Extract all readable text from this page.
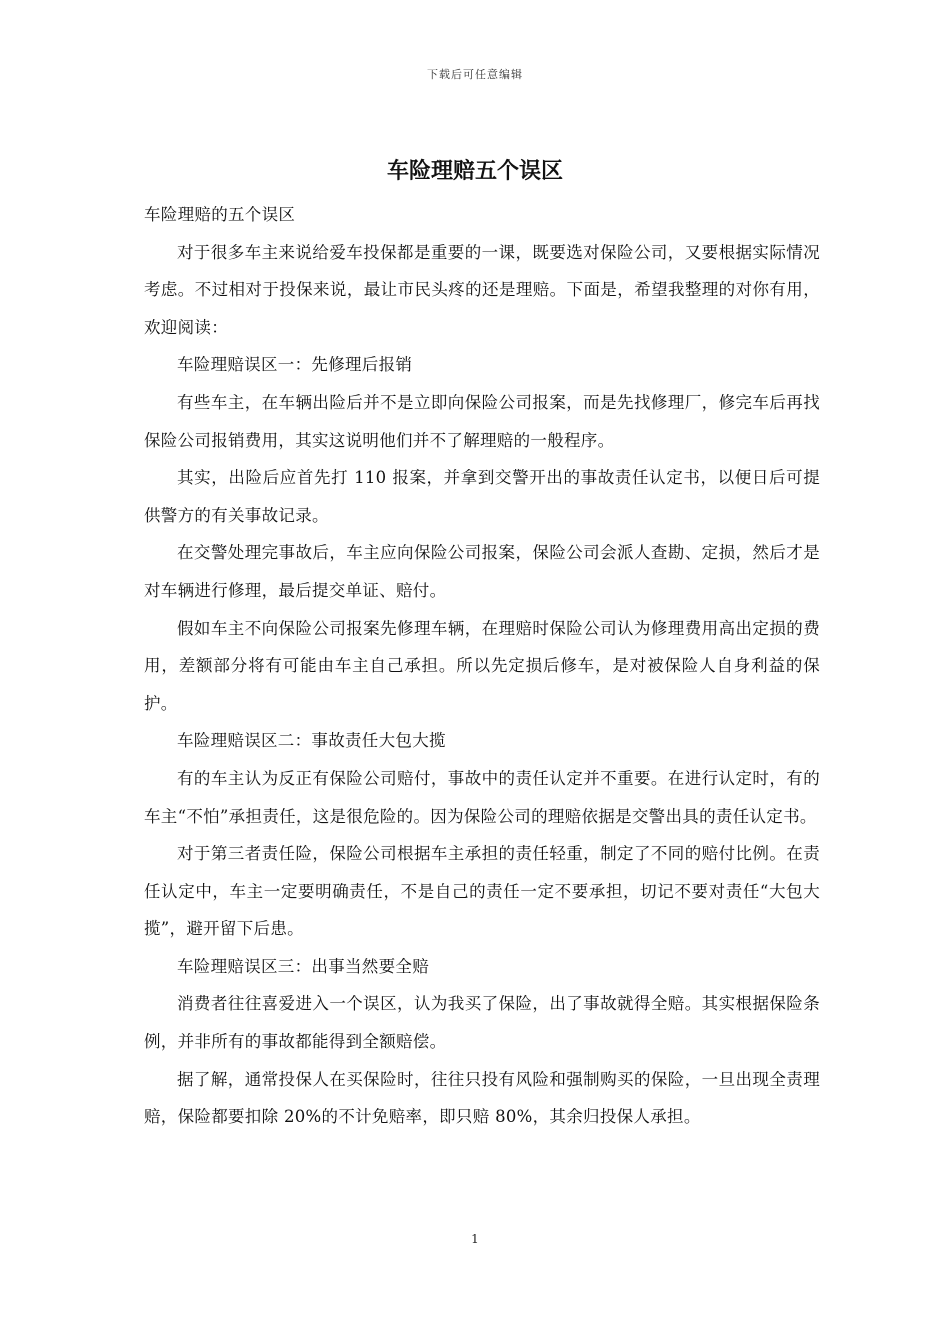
下载后可任意编辑
车险理赔五个误区

车险理赔的五个误区

对于很多车主来说给爱车投保都是重要的一课，既要选对保险公司，又要根据实际情况考虑。不过相对于投保来说，最让市民头疼的还是理赔。下面是，希望我整理的对你有用，欢迎阅读：

车险理赔误区一：先修理后报销

有些车主，在车辆出险后并不是立即向保险公司报案，而是先找修理厂，修完车后再找保险公司报销费用，其实这说明他们并不了解理赔的一般程序。

其实，出险后应首先打 110 报案，并拿到交警开出的事故责任认定书，以便日后可提供警方的有关事故记录。

在交警处理完事故后，车主应向保险公司报案，保险公司会派人查勘、定损，然后才是对车辆进行修理，最后提交单证、赔付。

假如车主不向保险公司报案先修理车辆，在理赔时保险公司认为修理费用高出定损的费用，差额部分将有可能由车主自己承担。所以先定损后修车，是对被保险人自身利益的保护。

车险理赔误区二：事故责任大包大揽

有的车主认为反正有保险公司赔付，事故中的责任认定并不重要。在进行认定时，有的车主“不怕”承担责任，这是很危险的。因为保险公司的理赔依据是交警出具的责任认定书。

对于第三者责任险，保险公司根据车主承担的责任轻重，制定了不同的赔付比例。在责任认定中，车主一定要明确责任，不是自己的责任一定不要承担，切记不要对责任“大包大揽”，避开留下后患。

车险理赔误区三：出事当然要全赔

消费者往往喜爱进入一个误区，认为我买了保险，出了事故就得全赔。其实根据保险条例，并非所有的事故都能得到全额赔偿。

据了解，通常投保人在买保险时，往往只投有风险和强制购买的保险，一旦出现全责理赔，保险都要扣除 20%的不计免赔率，即只赔 80%，其余归投保人承担。

1
